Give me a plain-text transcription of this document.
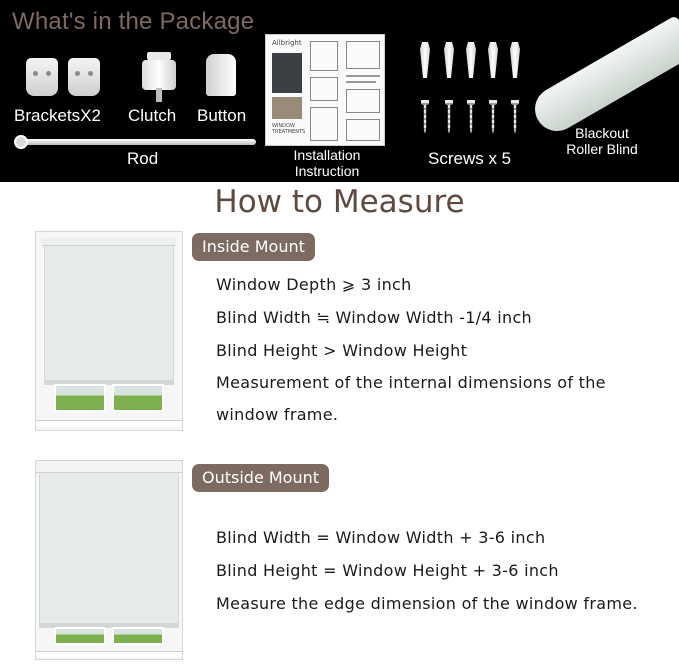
What's in the Package
BracketsX2 Clutch Button
Rod
Allbright
WINDOW
TREATMENTS
Installation
Instruction
Screws x 5
Blackout
Roller Blind
How to Measure
Inside Mount
Window Depth ⩾ 3 inch
Blind Width ≒ Window Width -1/4 inch
Blind Height > Window Height
Measurement of the internal dimensions of the
window frame.
Outside Mount
Blind Width = Window Width + 3-6 inch
Blind Height = Window Height + 3-6 inch
Measure the edge dimension of the window frame.
